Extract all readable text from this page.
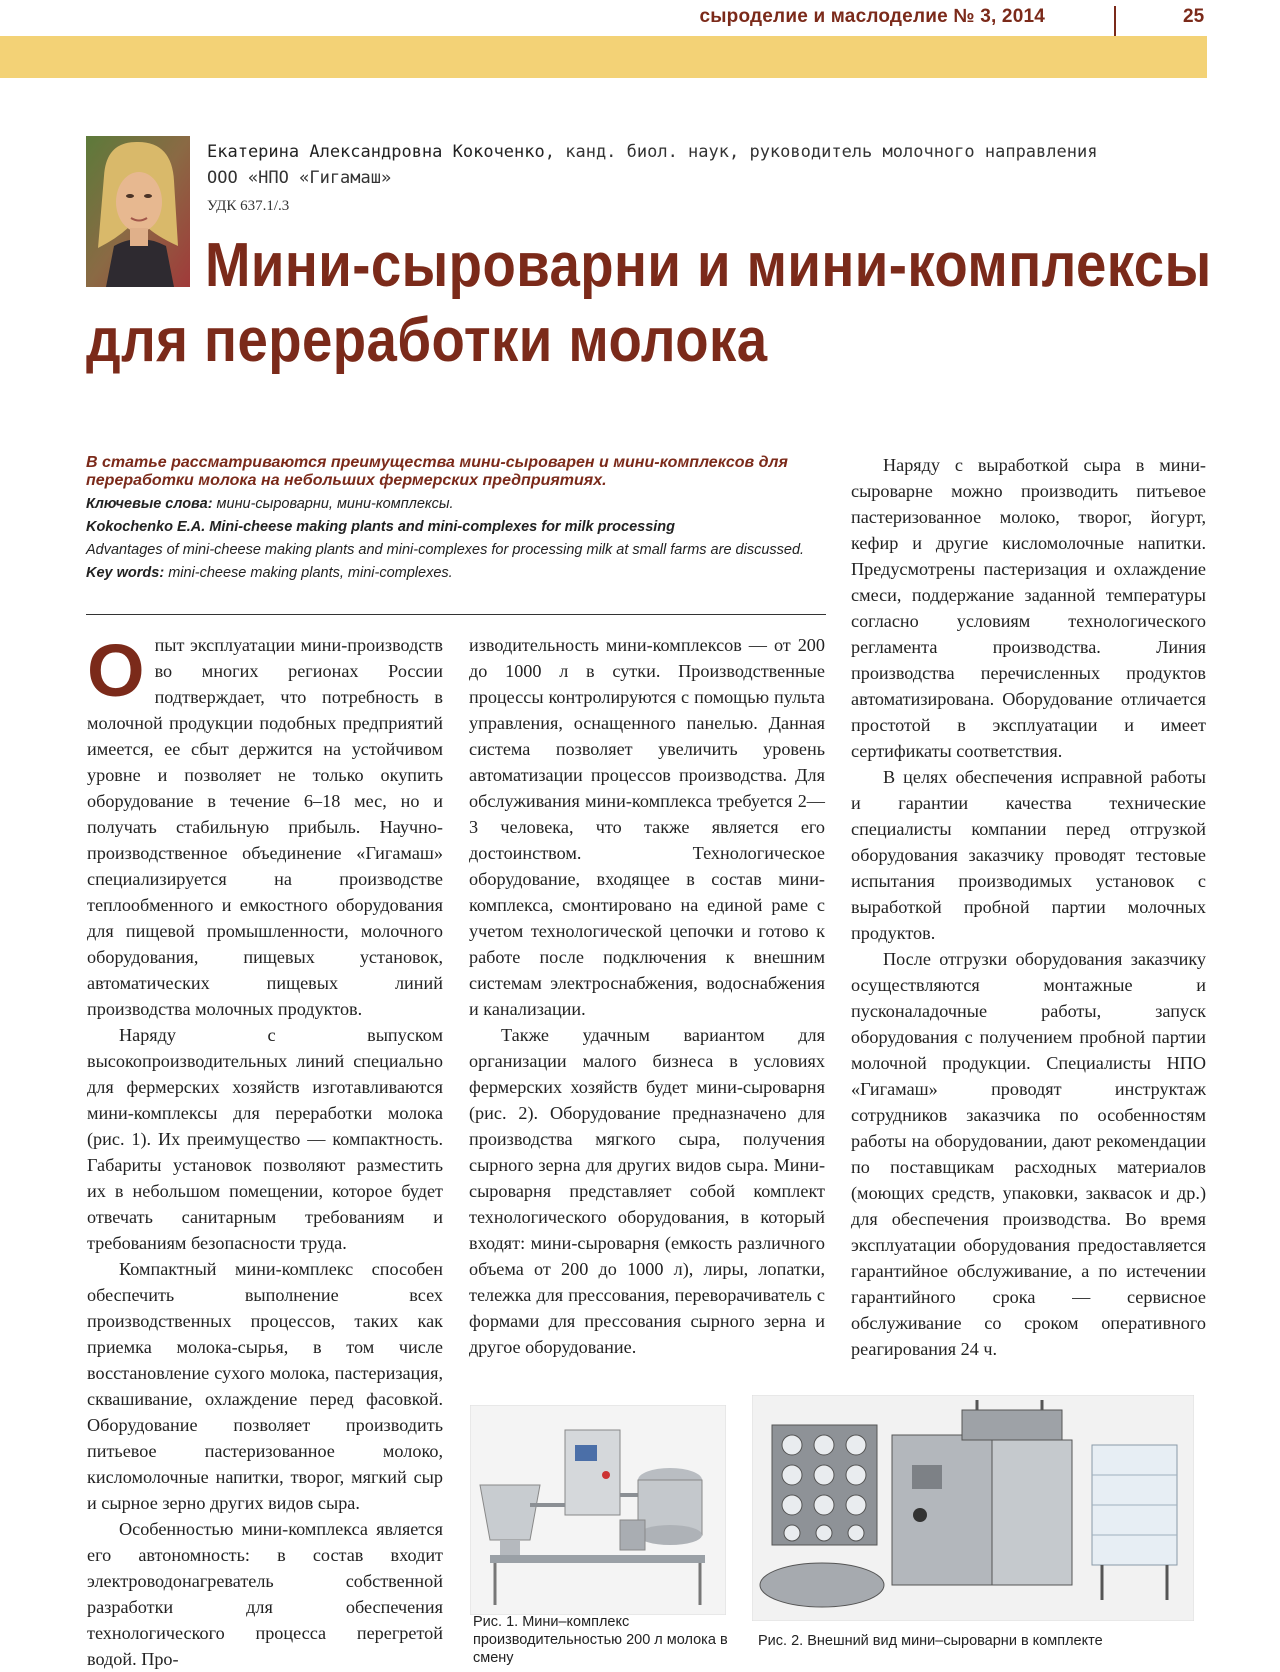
сыроделие и маслоделие № 3, 2014	25
Екатерина Александровна Кокоченко, канд. биол. наук, руководитель молочного направления
ООО «НПО «Гигамаш»
УДК 637.1/.3
Мини-сыроварни и мини-комплексы
для переработки молока
В статье рассматриваются преимущества мини-сыроварен и мини-комплексов для переработки молока на небольших фермерских предприятиях.
Ключевые слова: мини-сыроварни, мини-комплексы.
Kokochenko E.A. Mini-cheese making plants and mini-complexes for milk processing
Advantages of mini-cheese making plants and mini-complexes for processing milk at small farms are discussed.
Key words: mini-cheese making plants, mini-complexes.

Опыт эксплуатации мини-производств во многих регионах России подтверждает, что потребность в молочной продукции подобных предприятий имеется, ее сбыт держится на устойчивом уровне и позволяет не только окупить оборудование в течение 6–18 мес, но и получать стабильную прибыль. Научно-производственное объединение «Гигамаш» специализируется на производстве теплообменного и емкостного оборудования для пищевой промышленности, молочного оборудования, пищевых установок, автоматических пищевых линий производства молочных продуктов.

Наряду с выпуском высокопроизводительных линий специально для фермерских хозяйств изготавливаются мини-комплексы для переработки молока (рис. 1). Их преимущество — компактность. Габариты установок позволяют разместить их в небольшом помещении, которое будет отвечать санитарным требованиям и требованиям безопасности труда.

Компактный мини-комплекс способен обеспечить выполнение всех производственных процессов, таких как приемка молока-сырья, в том числе восстановление сухого молока, пастеризация, сквашивание, охлаждение перед фасовкой. Оборудование позволяет производить питьевое пастеризованное молоко, кисломолочные напитки, творог, мягкий сыр и сырное зерно других видов сыра.

Особенностью мини-комплекса является его автономность: в состав входит электроводонагреватель собственной разработки для обеспечения технологического процесса перегретой водой. Про-

изводительность мини-комплексов — от 200 до 1000 л в сутки. Производственные процессы контролируются с помощью пульта управления, оснащенного панелью. Данная система позволяет увеличить уровень автоматизации процессов производства. Для обслуживания мини-комплекса требуется 2—3 человека, что также является его достоинством. Технологическое оборудование, входящее в состав мини-комплекса, смонтировано на единой раме с учетом технологической цепочки и готово к работе после подключения к внешним системам электроснабжения, водоснабжения и канализации.

Также удачным вариантом для организации малого бизнеса в условиях фермерских хозяйств будет мини-сыроварня (рис. 2). Оборудование предназначено для производства мягкого сыра, получения сырного зерна для других видов сыра. Мини-сыроварня представляет собой комплект технологического оборудования, в который входят: мини-сыроварня (емкость различного объема от 200 до 1000 л), лиры, лопатки, тележка для прессования, переворачиватель с формами для прессования сырного зерна и другое оборудование.

Наряду с выработкой сыра в мини-сыроварне можно производить питьевое пастеризованное молоко, творог, йогурт, кефир и другие кисломолочные напитки. Предусмотрены пастеризация и охлаждение смеси, поддержание заданной температуры согласно условиям технологического регламента производства. Линия производства перечисленных продуктов автоматизирована. Оборудование отличается простотой в эксплуатации и имеет сертификаты соответствия.

В целях обеспечения исправной работы и гарантии качества технические специалисты компании перед отгрузкой оборудования заказчику проводят тестовые испытания производимых установок с выработкой пробной партии молочных продуктов.

После отгрузки оборудования заказчику осуществляются монтажные и пусконаладочные работы, запуск оборудования с получением пробной партии молочной продукции. Специалисты НПО «Гигамаш» проводят инструктаж сотрудников заказчика по особенностям работы на оборудовании, дают рекомендации по поставщикам расходных материалов (моющих средств, упаковки, заквасок и др.) для обеспечения производства. Во время эксплуатации оборудования предоставляется гарантийное обслуживание, а по истечении гарантийного срока — сервисное обслуживание со сроком оперативного реагирования 24 ч.

Рис. 1. Мини–комплекс производительностью 200 л молока в смену
Рис. 2. Внешний вид мини–сыроварни в комплекте
